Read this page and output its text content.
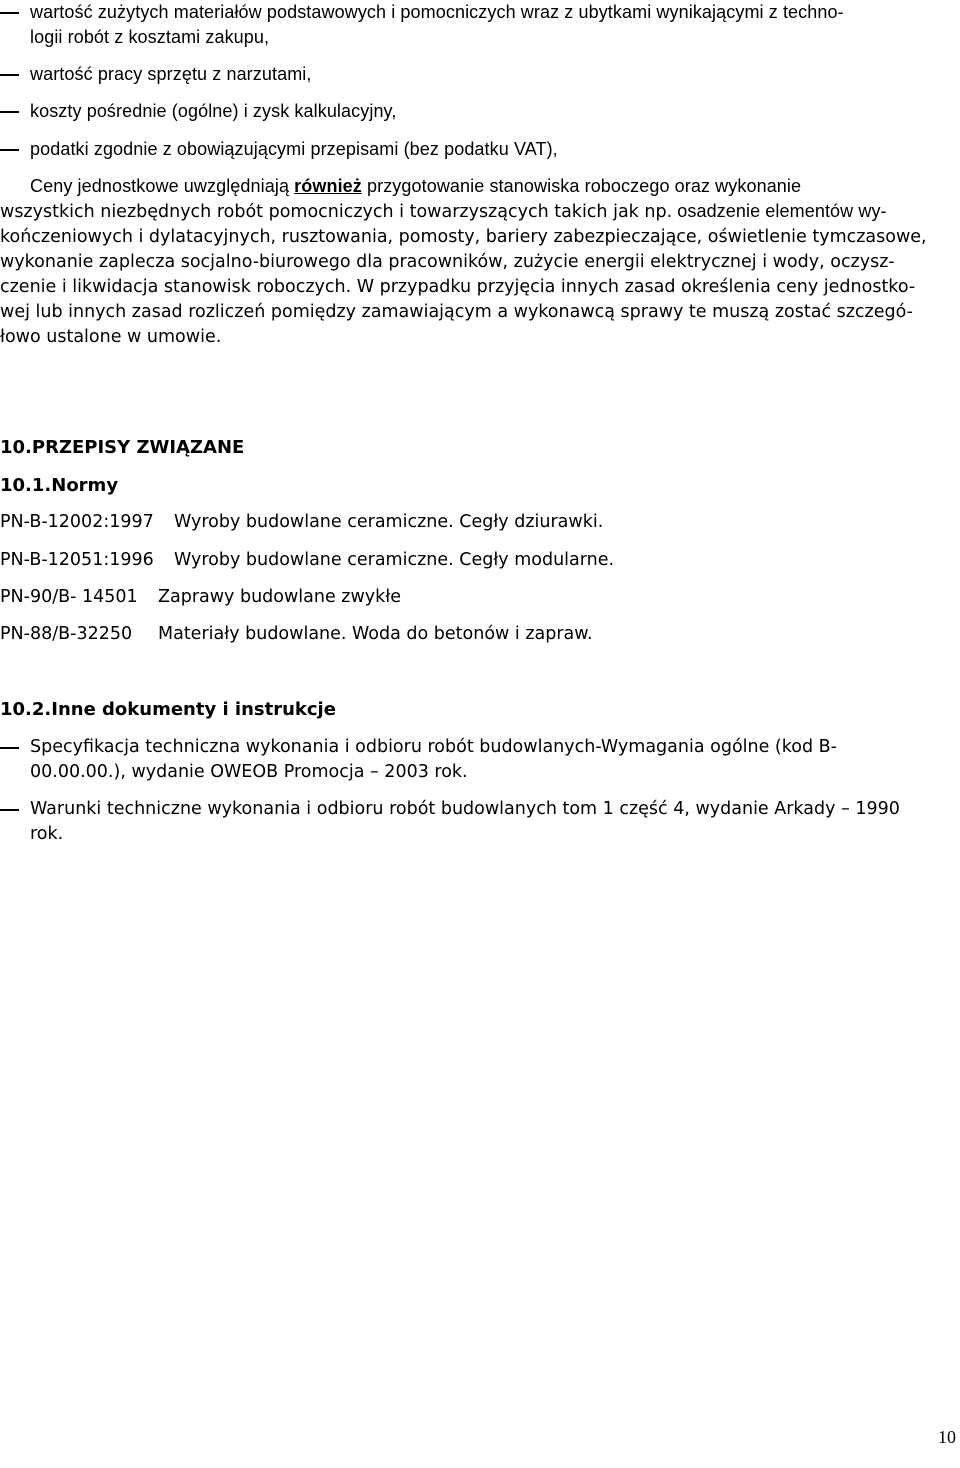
wartość zużytych materiałów podstawowych i pomocniczych wraz z ubytkami wynikającymi z techno-
logii robót z kosztami zakupu,
wartość pracy sprzętu z narzutami,
koszty pośrednie (ogólne) i zysk kalkulacyjny,
podatki zgodnie z obowiązującymi przepisami (bez podatku VAT),
Ceny jednostkowe uwzględniają również przygotowanie stanowiska roboczego oraz wykonanie
wszystkich niezbędnych robót pomocniczych i towarzyszących takich jak np. osadzenie elementów wy-
kończeniowych i dylatacyjnych, rusztowania, pomosty, bariery zabezpieczające, oświetlenie tymczasowe,
wykonanie zaplecza socjalno-biurowego dla pracowników, zużycie energii elektrycznej i wody, oczysz-
czenie i likwidacja stanowisk roboczych. W przypadku przyjęcia innych zasad określenia ceny jednostko-
wej lub innych zasad rozliczeń pomiędzy zamawiającym a wykonawcą sprawy te muszą zostać szczegó-
łowo ustalone w umowie.
10.PRZEPISY ZWIĄZANE
10.1.Normy
PN-B-12002:1997 Wyroby budowlane ceramiczne. Cegły dziurawki.
PN-B-12051:1996 Wyroby budowlane ceramiczne. Cegły modularne.
PN-90/B- 14501 Zaprawy budowlane zwykłe
PN-88/B-32250 Materiały budowlane. Woda do betonów i zapraw.
10.2.Inne dokumenty i instrukcje
Specyfikacja techniczna wykonania i odbioru robót budowlanych-Wymagania ogólne (kod B-
00.00.00.), wydanie OWEOB Promocja – 2003 rok.
Warunki techniczne wykonania i odbioru robót budowlanych tom 1 część 4, wydanie Arkady – 1990
rok.
10
